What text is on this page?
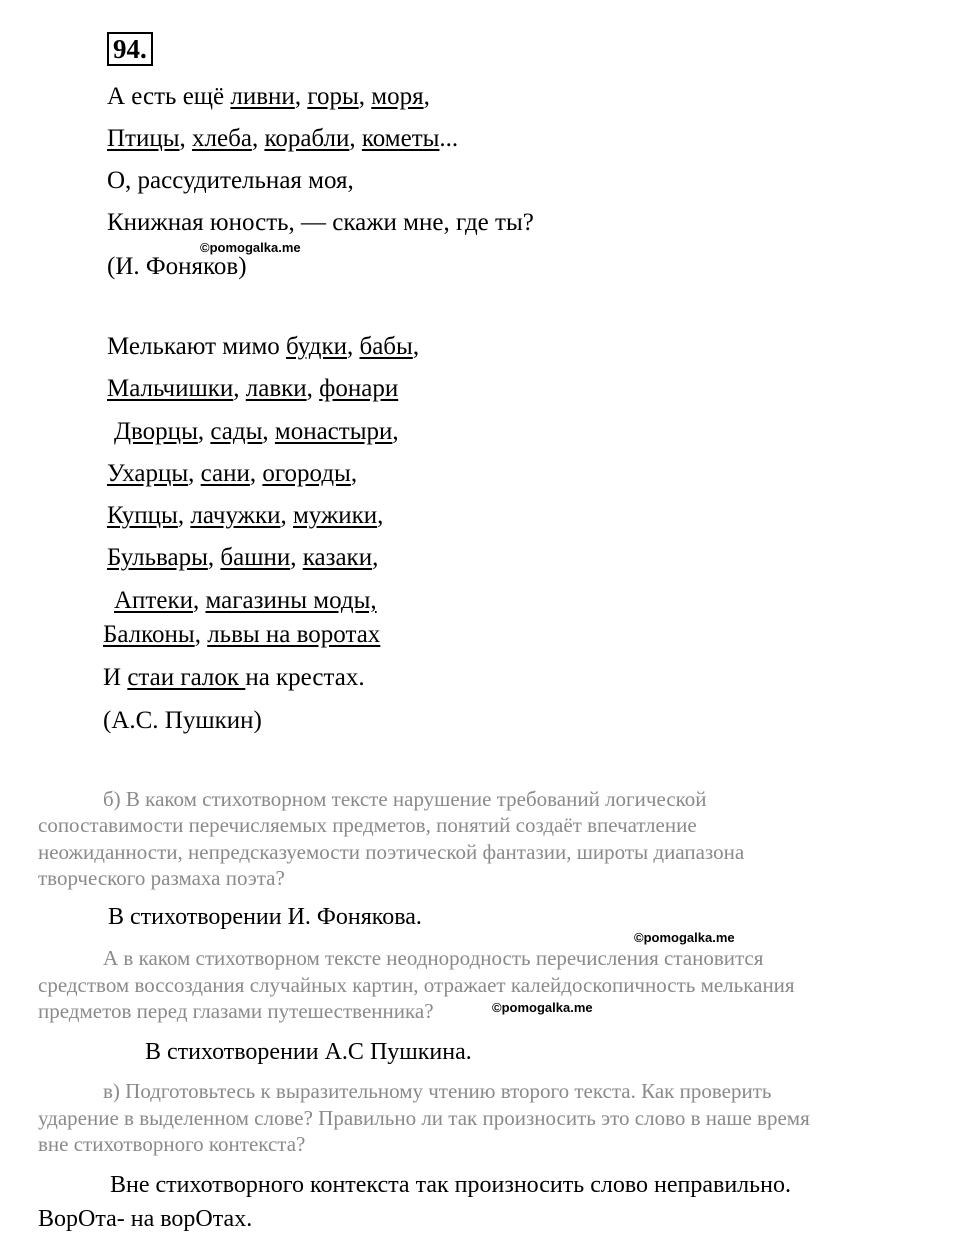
94.
А есть ещё ливни, горы, моря,
Птицы, хлеба, корабли, кометы...
О, рассудительная моя,
Книжная юность, — скажи мне, где ты?
©pomogalka.me
(И. Фоняков)
Мелькают мимо будки, бабы,
Мальчишки, лавки, фонари
Дворцы, сады, монастыри,
Ухарцы, сани, огороды,
Купцы, лачужки, мужики,
Бульвары, башни, казаки,
Аптеки, магазины моды,
Балконы, львы на воротах
И стаи галок на крестах.
(А.С. Пушкин)
б) В каком стихотворном тексте нарушение требований логической
сопоставимости перечисляемых предметов, понятий создаёт впечатление
неожиданности, непредсказуемости поэтической фантазии, широты диапазона
творческого размаха поэта?
В стихотворении И. Фонякова.
©pomogalka.me
А в каком стихотворном тексте неоднородность перечисления становится
средством воссоздания случайных картин, отражает калейдоскопичность мелькания
предметов перед глазами путешественника?	©pomogalka.me
В стихотворении А.С Пушкина.
в) Подготовьтесь к выразительному чтению второго текста. Как проверить
ударение в выделенном слове? Правильно ли так произносить это слово в наше время
вне стихотворного контекста?
Вне стихотворного контекста так произносить слово неправильно.
ВорОта- на ворОтах.
